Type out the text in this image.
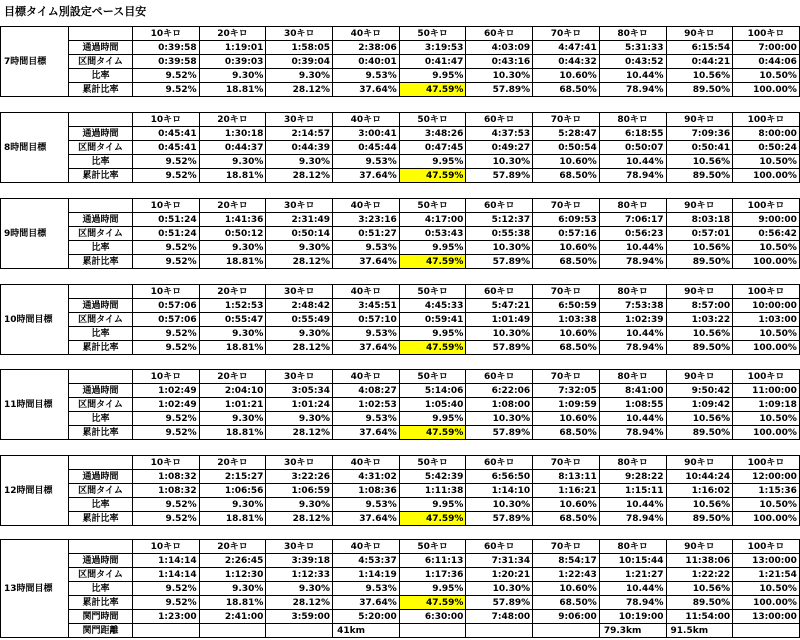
目標タイム別設定ペース目安
7時間目標		10キロ	20キロ	30キロ	40キロ	50キロ	60キロ	70キロ	80キロ	90キロ	100キロ
	通過時間	0:39:58	1:19:01	1:58:05	2:38:06	3:19:53	4:03:09	4:47:41	5:31:33	6:15:54	7:00:00
	区間タイム	0:39:58	0:39:03	0:39:04	0:40:01	0:41:47	0:43:16	0:44:32	0:43:52	0:44:21	0:44:06
	比率	9.52%	9.30%	9.30%	9.53%	9.95%	10.30%	10.60%	10.44%	10.56%	10.50%
	累計比率	9.52%	18.81%	28.12%	37.64%	47.59%	57.89%	68.50%	78.94%	89.50%	100.00%
8時間目標		10キロ	20キロ	30キロ	40キロ	50キロ	60キロ	70キロ	80キロ	90キロ	100キロ
	通過時間	0:45:41	1:30:18	2:14:57	3:00:41	3:48:26	4:37:53	5:28:47	6:18:55	7:09:36	8:00:00
	区間タイム	0:45:41	0:44:37	0:44:39	0:45:44	0:47:45	0:49:27	0:50:54	0:50:07	0:50:41	0:50:24
	比率	9.52%	9.30%	9.30%	9.53%	9.95%	10.30%	10.60%	10.44%	10.56%	10.50%
	累計比率	9.52%	18.81%	28.12%	37.64%	47.59%	57.89%	68.50%	78.94%	89.50%	100.00%
9時間目標		10キロ	20キロ	30キロ	40キロ	50キロ	60キロ	70キロ	80キロ	90キロ	100キロ
	通過時間	0:51:24	1:41:36	2:31:49	3:23:16	4:17:00	5:12:37	6:09:53	7:06:17	8:03:18	9:00:00
	区間タイム	0:51:24	0:50:12	0:50:14	0:51:27	0:53:43	0:55:38	0:57:16	0:56:23	0:57:01	0:56:42
	比率	9.52%	9.30%	9.30%	9.53%	9.95%	10.30%	10.60%	10.44%	10.56%	10.50%
	累計比率	9.52%	18.81%	28.12%	37.64%	47.59%	57.89%	68.50%	78.94%	89.50%	100.00%
10時間目標		10キロ	20キロ	30キロ	40キロ	50キロ	60キロ	70キロ	80キロ	90キロ	100キロ
	通過時間	0:57:06	1:52:53	2:48:42	3:45:51	4:45:33	5:47:21	6:50:59	7:53:38	8:57:00	10:00:00
	区間タイム	0:57:06	0:55:47	0:55:49	0:57:10	0:59:41	1:01:49	1:03:38	1:02:39	1:03:22	1:03:00
	比率	9.52%	9.30%	9.30%	9.53%	9.95%	10.30%	10.60%	10.44%	10.56%	10.50%
	累計比率	9.52%	18.81%	28.12%	37.64%	47.59%	57.89%	68.50%	78.94%	89.50%	100.00%
11時間目標		10キロ	20キロ	30キロ	40キロ	50キロ	60キロ	70キロ	80キロ	90キロ	100キロ
	通過時間	1:02:49	2:04:10	3:05:34	4:08:27	5:14:06	6:22:06	7:32:05	8:41:00	9:50:42	11:00:00
	区間タイム	1:02:49	1:01:21	1:01:24	1:02:53	1:05:40	1:08:00	1:09:59	1:08:55	1:09:42	1:09:18
	比率	9.52%	9.30%	9.30%	9.53%	9.95%	10.30%	10.60%	10.44%	10.56%	10.50%
	累計比率	9.52%	18.81%	28.12%	37.64%	47.59%	57.89%	68.50%	78.94%	89.50%	100.00%
12時間目標		10キロ	20キロ	30キロ	40キロ	50キロ	60キロ	70キロ	80キロ	90キロ	100キロ
	通過時間	1:08:32	2:15:27	3:22:26	4:31:02	5:42:39	6:56:50	8:13:11	9:28:22	10:44:24	12:00:00
	区間タイム	1:08:32	1:06:56	1:06:59	1:08:36	1:11:38	1:14:10	1:16:21	1:15:11	1:16:02	1:15:36
	比率	9.52%	9.30%	9.30%	9.53%	9.95%	10.30%	10.60%	10.44%	10.56%	10.50%
	累計比率	9.52%	18.81%	28.12%	37.64%	47.59%	57.89%	68.50%	78.94%	89.50%	100.00%
13時間目標		10キロ	20キロ	30キロ	40キロ	50キロ	60キロ	70キロ	80キロ	90キロ	100キロ
	通過時間	1:14:14	2:26:45	3:39:18	4:53:37	6:11:13	7:31:34	8:54:17	10:15:44	11:38:06	13:00:00
	区間タイム	1:14:14	1:12:30	1:12:33	1:14:19	1:17:36	1:20:21	1:22:43	1:21:27	1:22:22	1:21:54
	比率	9.52%	9.30%	9.30%	9.53%	9.95%	10.30%	10.60%	10.44%	10.56%	10.50%
	累計比率	9.52%	18.81%	28.12%	37.64%	47.59%	57.89%	68.50%	78.94%	89.50%	100.00%
	関門時間	1:23:00	2:41:00	3:59:00	5:20:00	6:30:00	7:48:00	9:06:00	10:19:00	11:54:00	13:00:00
	関門距離				41km				79.3km	91.5km	
